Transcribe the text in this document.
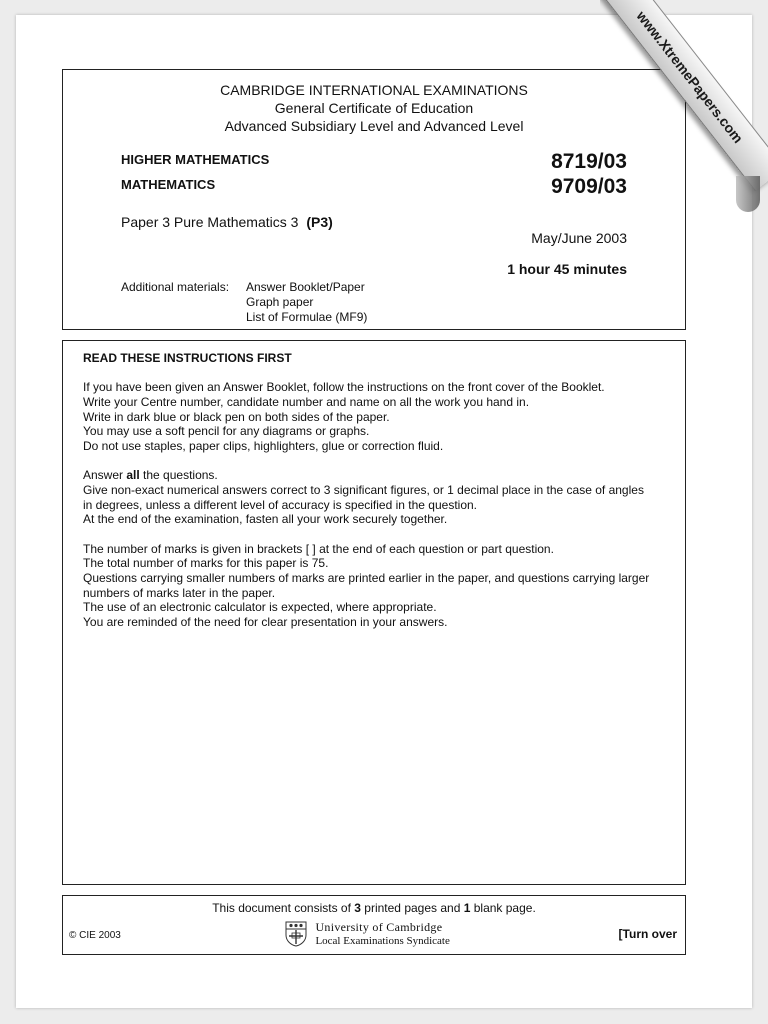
CAMBRIDGE INTERNATIONAL EXAMINATIONS
General Certificate of Education
Advanced Subsidiary Level and Advanced Level
HIGHER MATHEMATICS	8719/03
MATHEMATICS	9709/03
Paper 3 Pure Mathematics 3 (P3)
May/June 2003
1 hour 45 minutes
Additional materials: Answer Booklet/Paper
Graph paper
List of Formulae (MF9)

READ THESE INSTRUCTIONS FIRST

If you have been given an Answer Booklet, follow the instructions on the front cover of the Booklet.
Write your Centre number, candidate number and name on all the work you hand in.
Write in dark blue or black pen on both sides of the paper.
You may use a soft pencil for any diagrams or graphs.
Do not use staples, paper clips, highlighters, glue or correction fluid.

Answer all the questions.
Give non-exact numerical answers correct to 3 significant figures, or 1 decimal place in the case of angles
in degrees, unless a different level of accuracy is specified in the question.
At the end of the examination, fasten all your work securely together.

The number of marks is given in brackets [ ] at the end of each question or part question.
The total number of marks for this paper is 75.
Questions carrying smaller numbers of marks are printed earlier in the paper, and questions carrying larger
numbers of marks later in the paper.
The use of an electronic calculator is expected, where appropriate.
You are reminded of the need for clear presentation in your answers.

This document consists of 3 printed pages and 1 blank page.
© CIE 2003

University of Cambridge
Local Examinations Syndicate	[Turn over
www.XtremePapers.com
